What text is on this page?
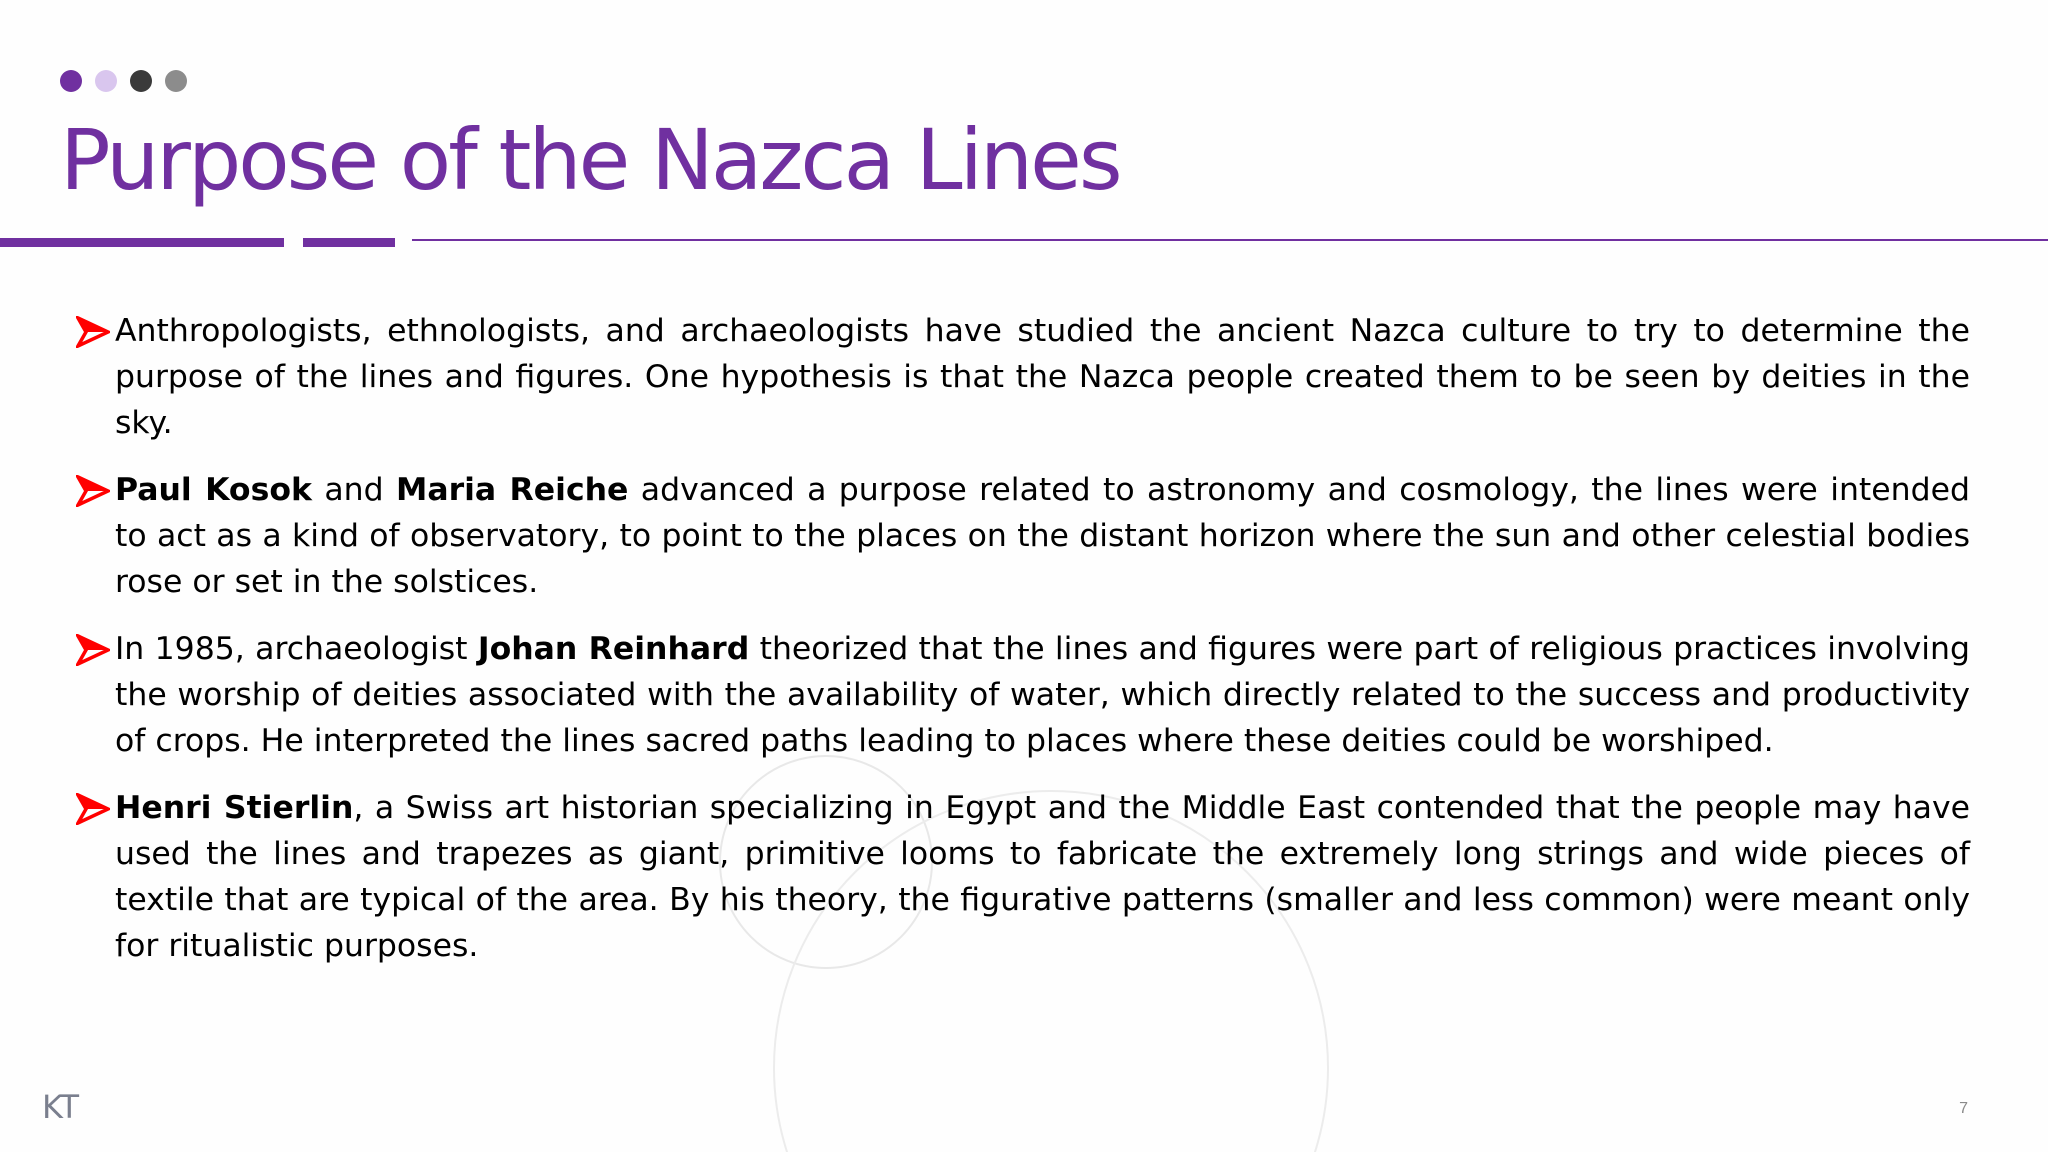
Purpose of the Nazca Lines
Anthropologists, ethnologists, and archaeologists have studied the ancient Nazca culture to try to determine the purpose of the lines and figures. One hypothesis is that the Nazca people created them to be seen by deities in the sky.
Paul Kosok and Maria Reiche advanced a purpose related to astronomy and cosmology, the lines were intended to act as a kind of observatory, to point to the places on the distant horizon where the sun and other celestial bodies rose or set in the solstices.
In 1985, archaeologist Johan Reinhard theorized that the lines and figures were part of religious practices involving the worship of deities associated with the availability of water, which directly related to the success and productivity of crops. He interpreted the lines sacred paths leading to places where these deities could be worshiped.
Henri Stierlin, a Swiss art historian specializing in Egypt and the Middle East contended that the people may have used the lines and trapezes as giant, primitive looms to fabricate the extremely long strings and wide pieces of textile that are typical of the area. By his theory, the figurative patterns (smaller and less common) were meant only for ritualistic purposes.
KT	7
